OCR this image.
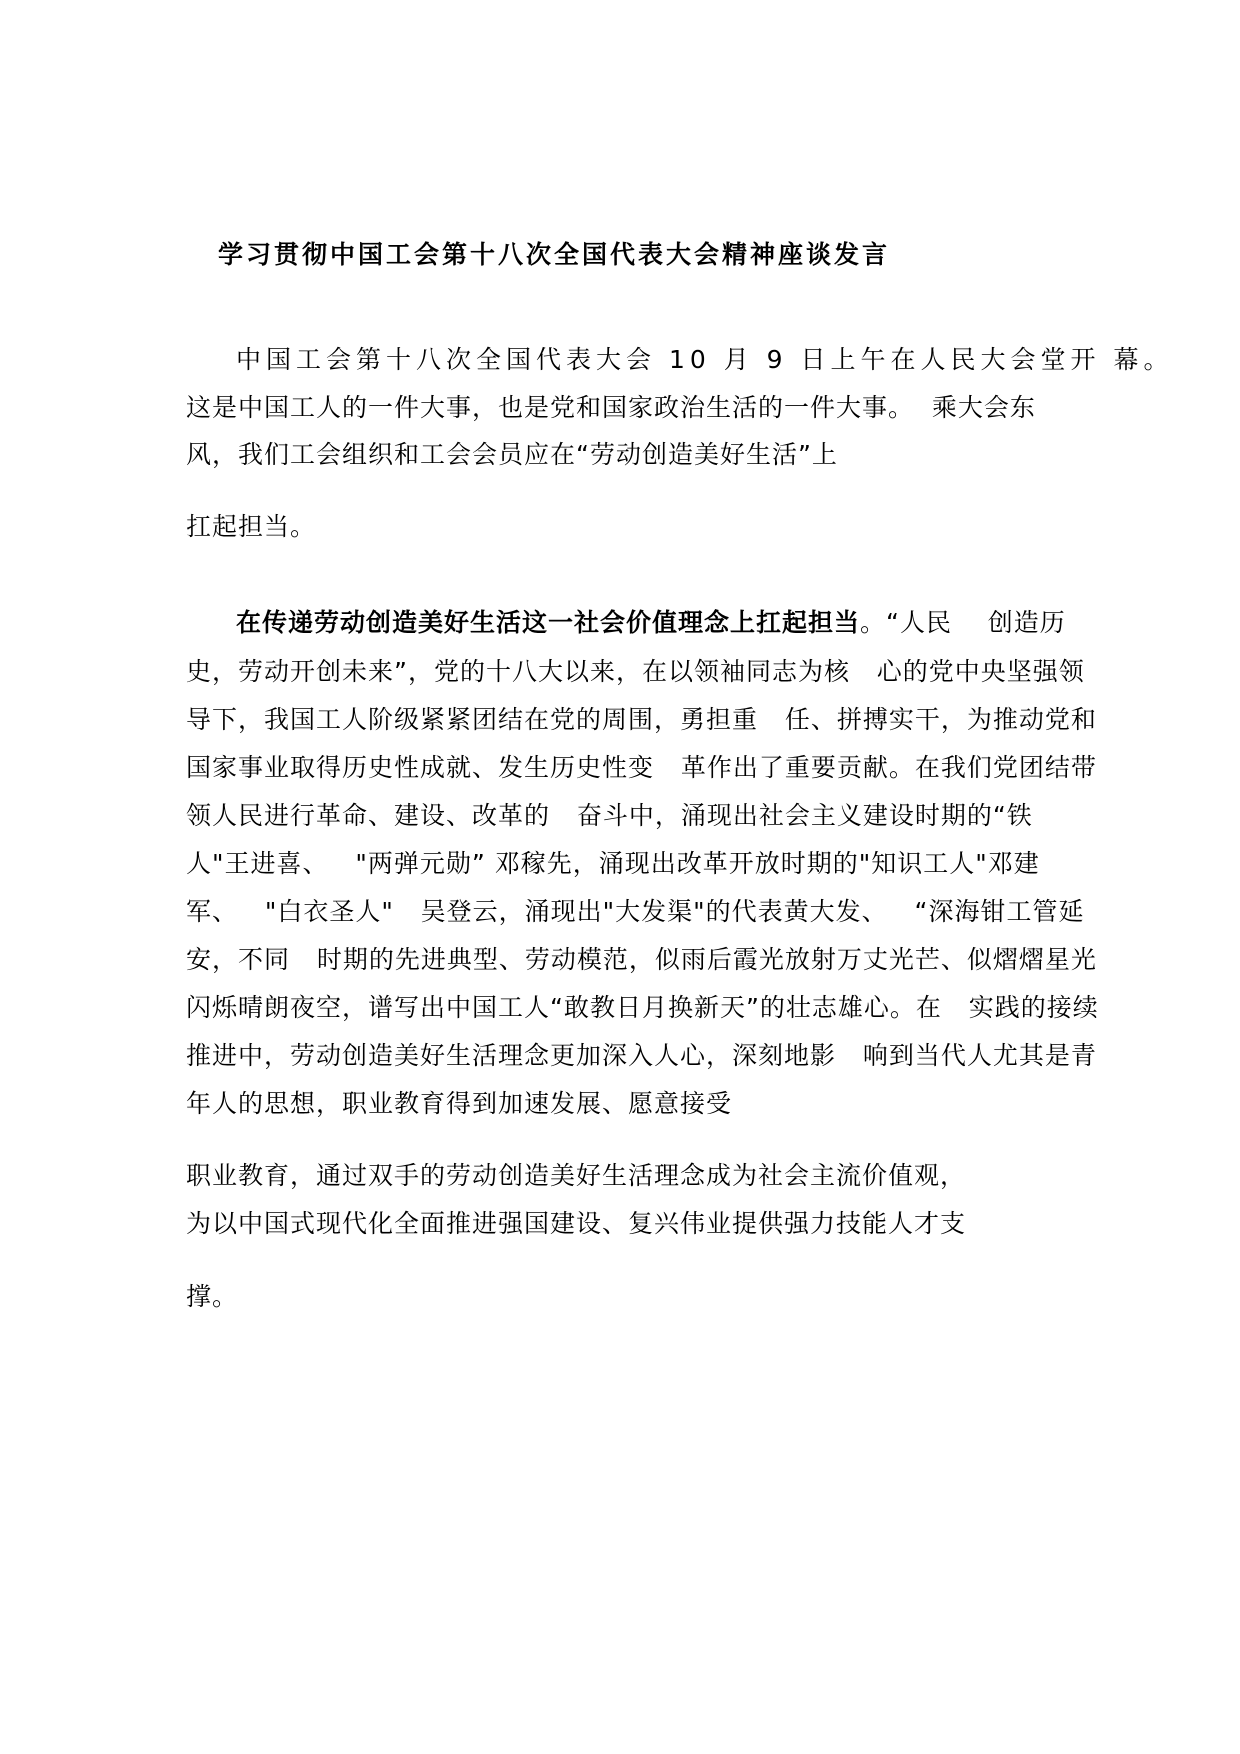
学习贯彻中国工会第十八次全国代表大会精神座谈发言
中国工会第十八次全国代表大会 10 月 9 日上午在人民大会堂开 幕。
这是中国工人的一件大事，也是党和国家政治生活的一件大事。  乘大会东
风，我们工会组织和工会会员应在“劳动创造美好生活”上
扛起担当。
在传递劳动创造美好生活这一社会价值理念上扛起担当。“人民    创造历
史，劳动开创未来”，党的十八大以来，在以领袖同志为核   心的党中央坚强领
导下，我国工人阶级紧紧团结在党的周围，勇担重   任、拼搏实干，为推动党和
国家事业取得历史性成就、发生历史性变   革作出了重要贡献。在我们党团结带
领人民进行革命、建设、改革的   奋斗中，涌现出社会主义建设时期的“铁
人"王进喜、   "两弹元勋” 邓稼先，涌现出改革开放时期的"知识工人"邓建
军、   "白衣圣人"   吴登云，涌现出"大发渠"的代表黄大发、   “深海钳工管延
安，不同   时期的先进典型、劳动模范，似雨后霞光放射万丈光芒、似熠熠星光
闪烁晴朗夜空，谱写出中国工人“敢教日月换新天”的壮志雄心。在   实践的接续
推进中，劳动创造美好生活理念更加深入人心，深刻地影   响到当代人尤其是青
年人的思想，职业教育得到加速发展、愿意接受
职业教育，通过双手的劳动创造美好生活理念成为社会主流价值观，
为以中国式现代化全面推进强国建设、复兴伟业提供强力技能人才支
撑。
